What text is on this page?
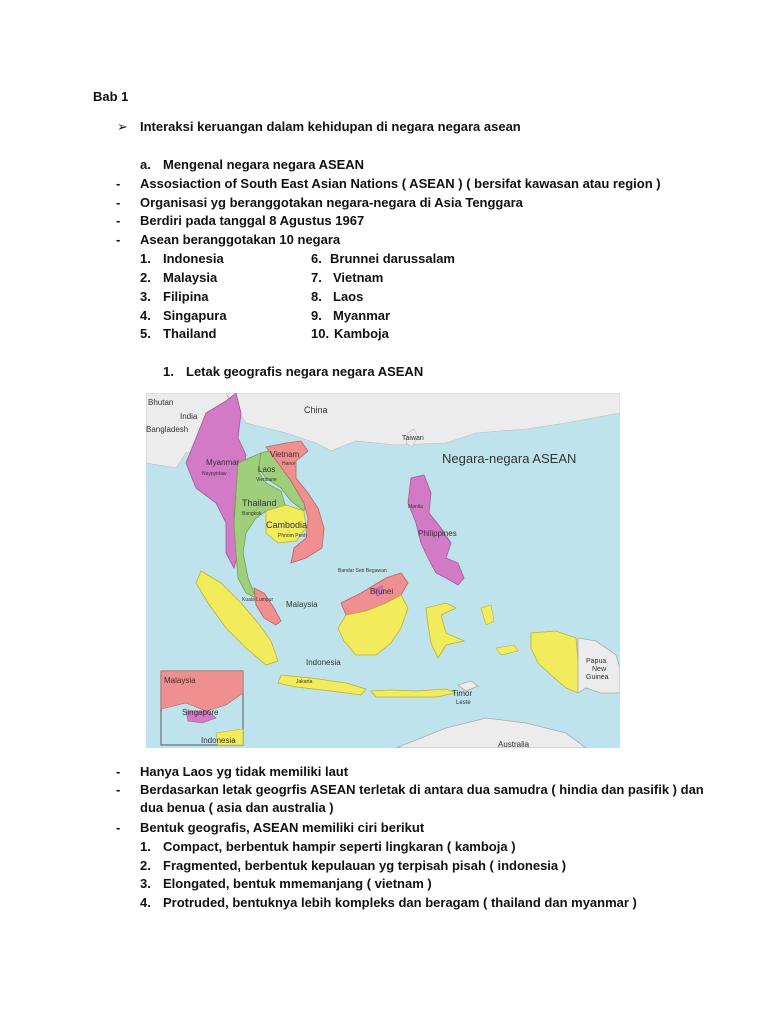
Bab 1
➢ Interaksi keruangan dalam kehidupan di negara negara asean
a. Mengenal negara negara ASEAN
- Assosiaction of South East Asian Nations ( ASEAN ) ( bersifat kawasan atau region )
- Organisasi yg beranggotakan negara-negara di Asia Tenggara
- Berdiri pada tanggal 8 Agustus 1967
- Asean beranggotakan 10 negara
1. Indonesia
2. Malaysia
3. Filipina
4. Singapura
5. Thailand
6. Brunnei darussalam
7. Vietnam
8. Laos
9. Myanmar
10. Kamboja
1. Letak geografis negara negara ASEAN
Malaysia
Singapore
Indonesia
Negara-negara ASEAN
Bhutan
India
Bangladesh
China
Taiwan
Myanmar
Naypyidaw
Vietnam
Hanoi
Laos
Vientiane
Thailand
Bangkok
Cambodia
Phnom Penh
Manila
Philippines
Bandar Seri Begawan
Brunei
Kuala Lumpur Malaysia
Indonesia
Jakarta
Timor
Leste
Papua
New
Guinea
Australia
- Hanya Laos yg tidak memiliki laut
- Berdasarkan letak geogrfis ASEAN terletak di antara dua samudra ( hindia dan pasifik ) dan
dua benua ( asia dan australia )
- Bentuk geografis, ASEAN memiliki ciri berikut
1. Compact, berbentuk hampir seperti lingkaran ( kamboja )
2. Fragmented, berbentuk kepulauan yg terpisah pisah ( indonesia )
3. Elongated, bentuk mmemanjang ( vietnam )
4. Protruded, bentuknya lebih kompleks dan beragam ( thailand dan myanmar )
